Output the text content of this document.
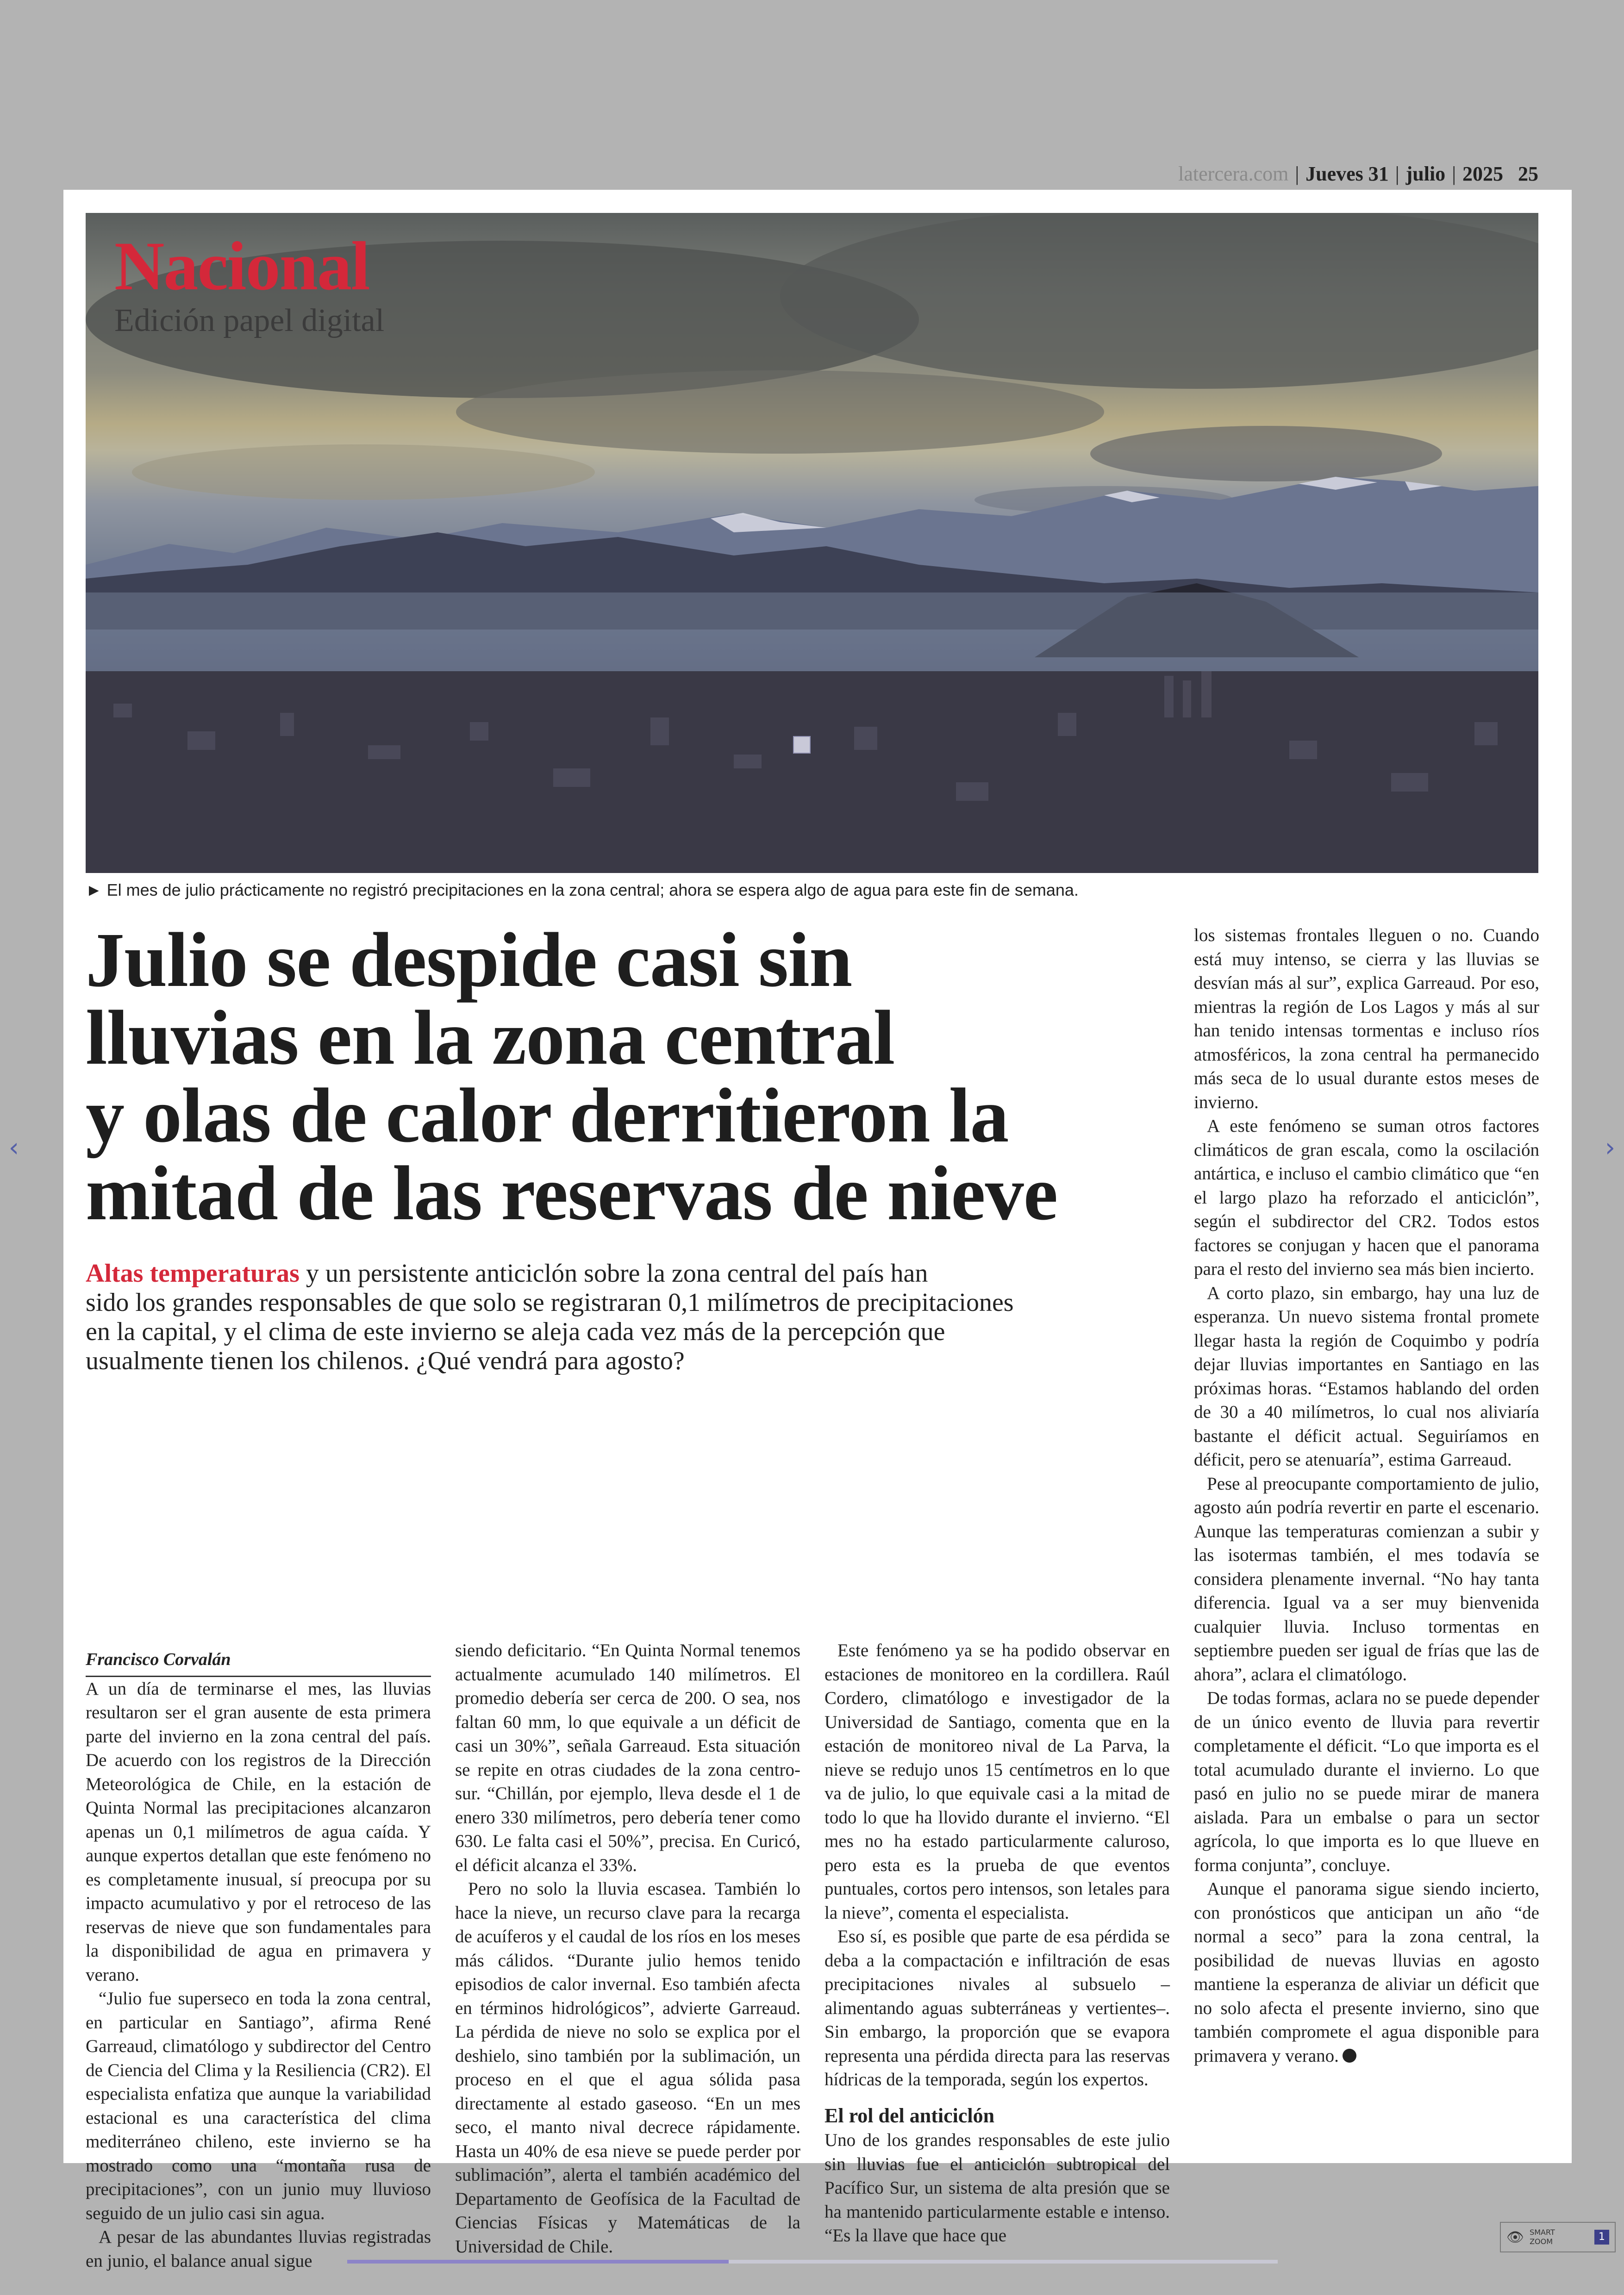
‹	›
latercera.com | Jueves 31 | julio | 2025 25
Nacional
Edición papel digital
► El mes de julio prácticamente no registró precipitaciones en la zona central; ahora se espera algo de agua para este fin de semana.
Julio se despide casi sin
lluvias en la zona central
y olas de calor derritieron la
mitad de las reservas de nieve
Altas temperaturas y un persistente anticiclón sobre la zona central del país han
sido los grandes responsables de que solo se registraran 0,1 milímetros de precipitaciones
en la capital, y el clima de este invierno se aleja cada vez más de la percepción que
usualmente tienen los chilenos. ¿Qué vendrá para agosto?

Francisco Corvalán

A un día de terminarse el mes, las lluvias resultaron ser el gran ausente de esta primera parte del invierno en la zona central del país. De acuerdo con los registros de la Dirección Meteorológica de Chile, en la estación de Quinta Normal las precipitaciones alcanzaron apenas un 0,1 milímetros de agua caída. Y aunque expertos detallan que este fenómeno no es completamente inusual, sí preocupa por su impacto acumulativo y por el retroceso de las reservas de nieve que son fundamentales para la disponibilidad de agua en primavera y verano.

“Julio fue superseco en toda la zona central, en particular en Santiago”, afirma René Garreaud, climatólogo y subdirector del Centro de Ciencia del Clima y la Resiliencia (CR2). El especialista enfatiza que aunque la variabilidad estacional es una característica del clima mediterráneo chileno, este invierno se ha mostrado como una “montaña rusa de precipitaciones”, con un junio muy lluvioso seguido de un julio casi sin agua.

A pesar de las abundantes lluvias registradas en junio, el balance anual sigue

siendo deficitario. “En Quinta Normal tenemos actualmente acumulado 140 milímetros. El promedio debería ser cerca de 200. O sea, nos faltan 60 mm, lo que equivale a un déficit de casi un 30%”, señala Garreaud. Esta situación se repite en otras ciudades de la zona centro-sur. “Chillán, por ejemplo, lleva desde el 1 de enero 330 milímetros, pero debería tener como 630. Le falta casi el 50%”, precisa. En Curicó, el déficit alcanza el 33%.

Pero no solo la lluvia escasea. También lo hace la nieve, un recurso clave para la recarga de acuíferos y el caudal de los ríos en los meses más cálidos. “Durante julio hemos tenido episodios de calor invernal. Eso también afecta en términos hidrológicos”, advierte Garreaud. La pérdida de nieve no solo se explica por el deshielo, sino también por la sublimación, un proceso en el que el agua sólida pasa directamente al estado gaseoso. “En un mes seco, el manto nival decrece rápidamente. Hasta un 40% de esa nieve se puede perder por sublimación”, alerta el también académico del Departamento de Geofísica de la Facultad de Ciencias Físicas y Matemáticas de la Universidad de Chile.

Este fenómeno ya se ha podido observar en estaciones de monitoreo en la cordillera. Raúl Cordero, climatólogo e investigador de la Universidad de Santiago, comenta que en la estación de monitoreo nival de La Parva, la nieve se redujo unos 15 centímetros en lo que va de julio, lo que equivale casi a la mitad de todo lo que ha llovido durante el invierno. “El mes no ha estado particularmente caluroso, pero esta es la prueba de que eventos puntuales, cortos pero intensos, son letales para la nieve”, comenta el especialista.

Eso sí, es posible que parte de esa pérdida se deba a la compactación e infiltración de esas precipitaciones nivales al subsuelo –alimentando aguas subterráneas y vertientes–. Sin embargo, la proporción que se evapora representa una pérdida directa para las reservas hídricas de la temporada, según los expertos.

El rol del anticiclón

Uno de los grandes responsables de este julio sin lluvias fue el anticiclón subtropical del Pacífico Sur, un sistema de alta presión que se ha mantenido particularmente estable e intenso. “Es la llave que hace que

los sistemas frontales lleguen o no. Cuando está muy intenso, se cierra y las lluvias se desvían más al sur”, explica Garreaud. Por eso, mientras la región de Los Lagos y más al sur han tenido intensas tormentas e incluso ríos atmosféricos, la zona central ha permanecido más seca de lo usual durante estos meses de invierno.

A este fenómeno se suman otros factores climáticos de gran escala, como la oscilación antártica, e incluso el cambio climático que “en el largo plazo ha reforzado el anticiclón”, según el subdirector del CR2. Todos estos factores se conjugan y hacen que el panorama para el resto del invierno sea más bien incierto.

A corto plazo, sin embargo, hay una luz de esperanza. Un nuevo sistema frontal promete llegar hasta la región de Coquimbo y podría dejar lluvias importantes en Santiago en las próximas horas. “Estamos hablando del orden de 30 a 40 milímetros, lo cual nos aliviaría bastante el déficit actual. Seguiríamos en déficit, pero se atenuaría”, estima Garreaud.

Pese al preocupante comportamiento de julio, agosto aún podría revertir en parte el escenario. Aunque las temperaturas comienzan a subir y las isotermas también, el mes todavía se considera plenamente invernal. “No hay tanta diferencia. Igual va a ser muy bienvenida cualquier lluvia. Incluso tormentas en septiembre pueden ser igual de frías que las de ahora”, aclara el climatólogo.

De todas formas, aclara no se puede depender de un único evento de lluvia para revertir completamente el déficit. “Lo que importa es el total acumulado durante el invierno. Lo que pasó en julio no se puede mirar de manera aislada. Para un embalse o para un sector agrícola, lo que importa es lo que llueve en forma conjunta”, concluye.

Aunque el panorama sigue siendo incierto, con pronósticos que anticipan un año “de normal a seco” para la zona central, la posibilidad de nuevas lluvias en agosto mantiene la esperanza de aliviar un déficit que no solo afecta el presente invierno, sino que también compromete el agua disponible para primavera y verano.

👁 SMART
ZOOM	1
